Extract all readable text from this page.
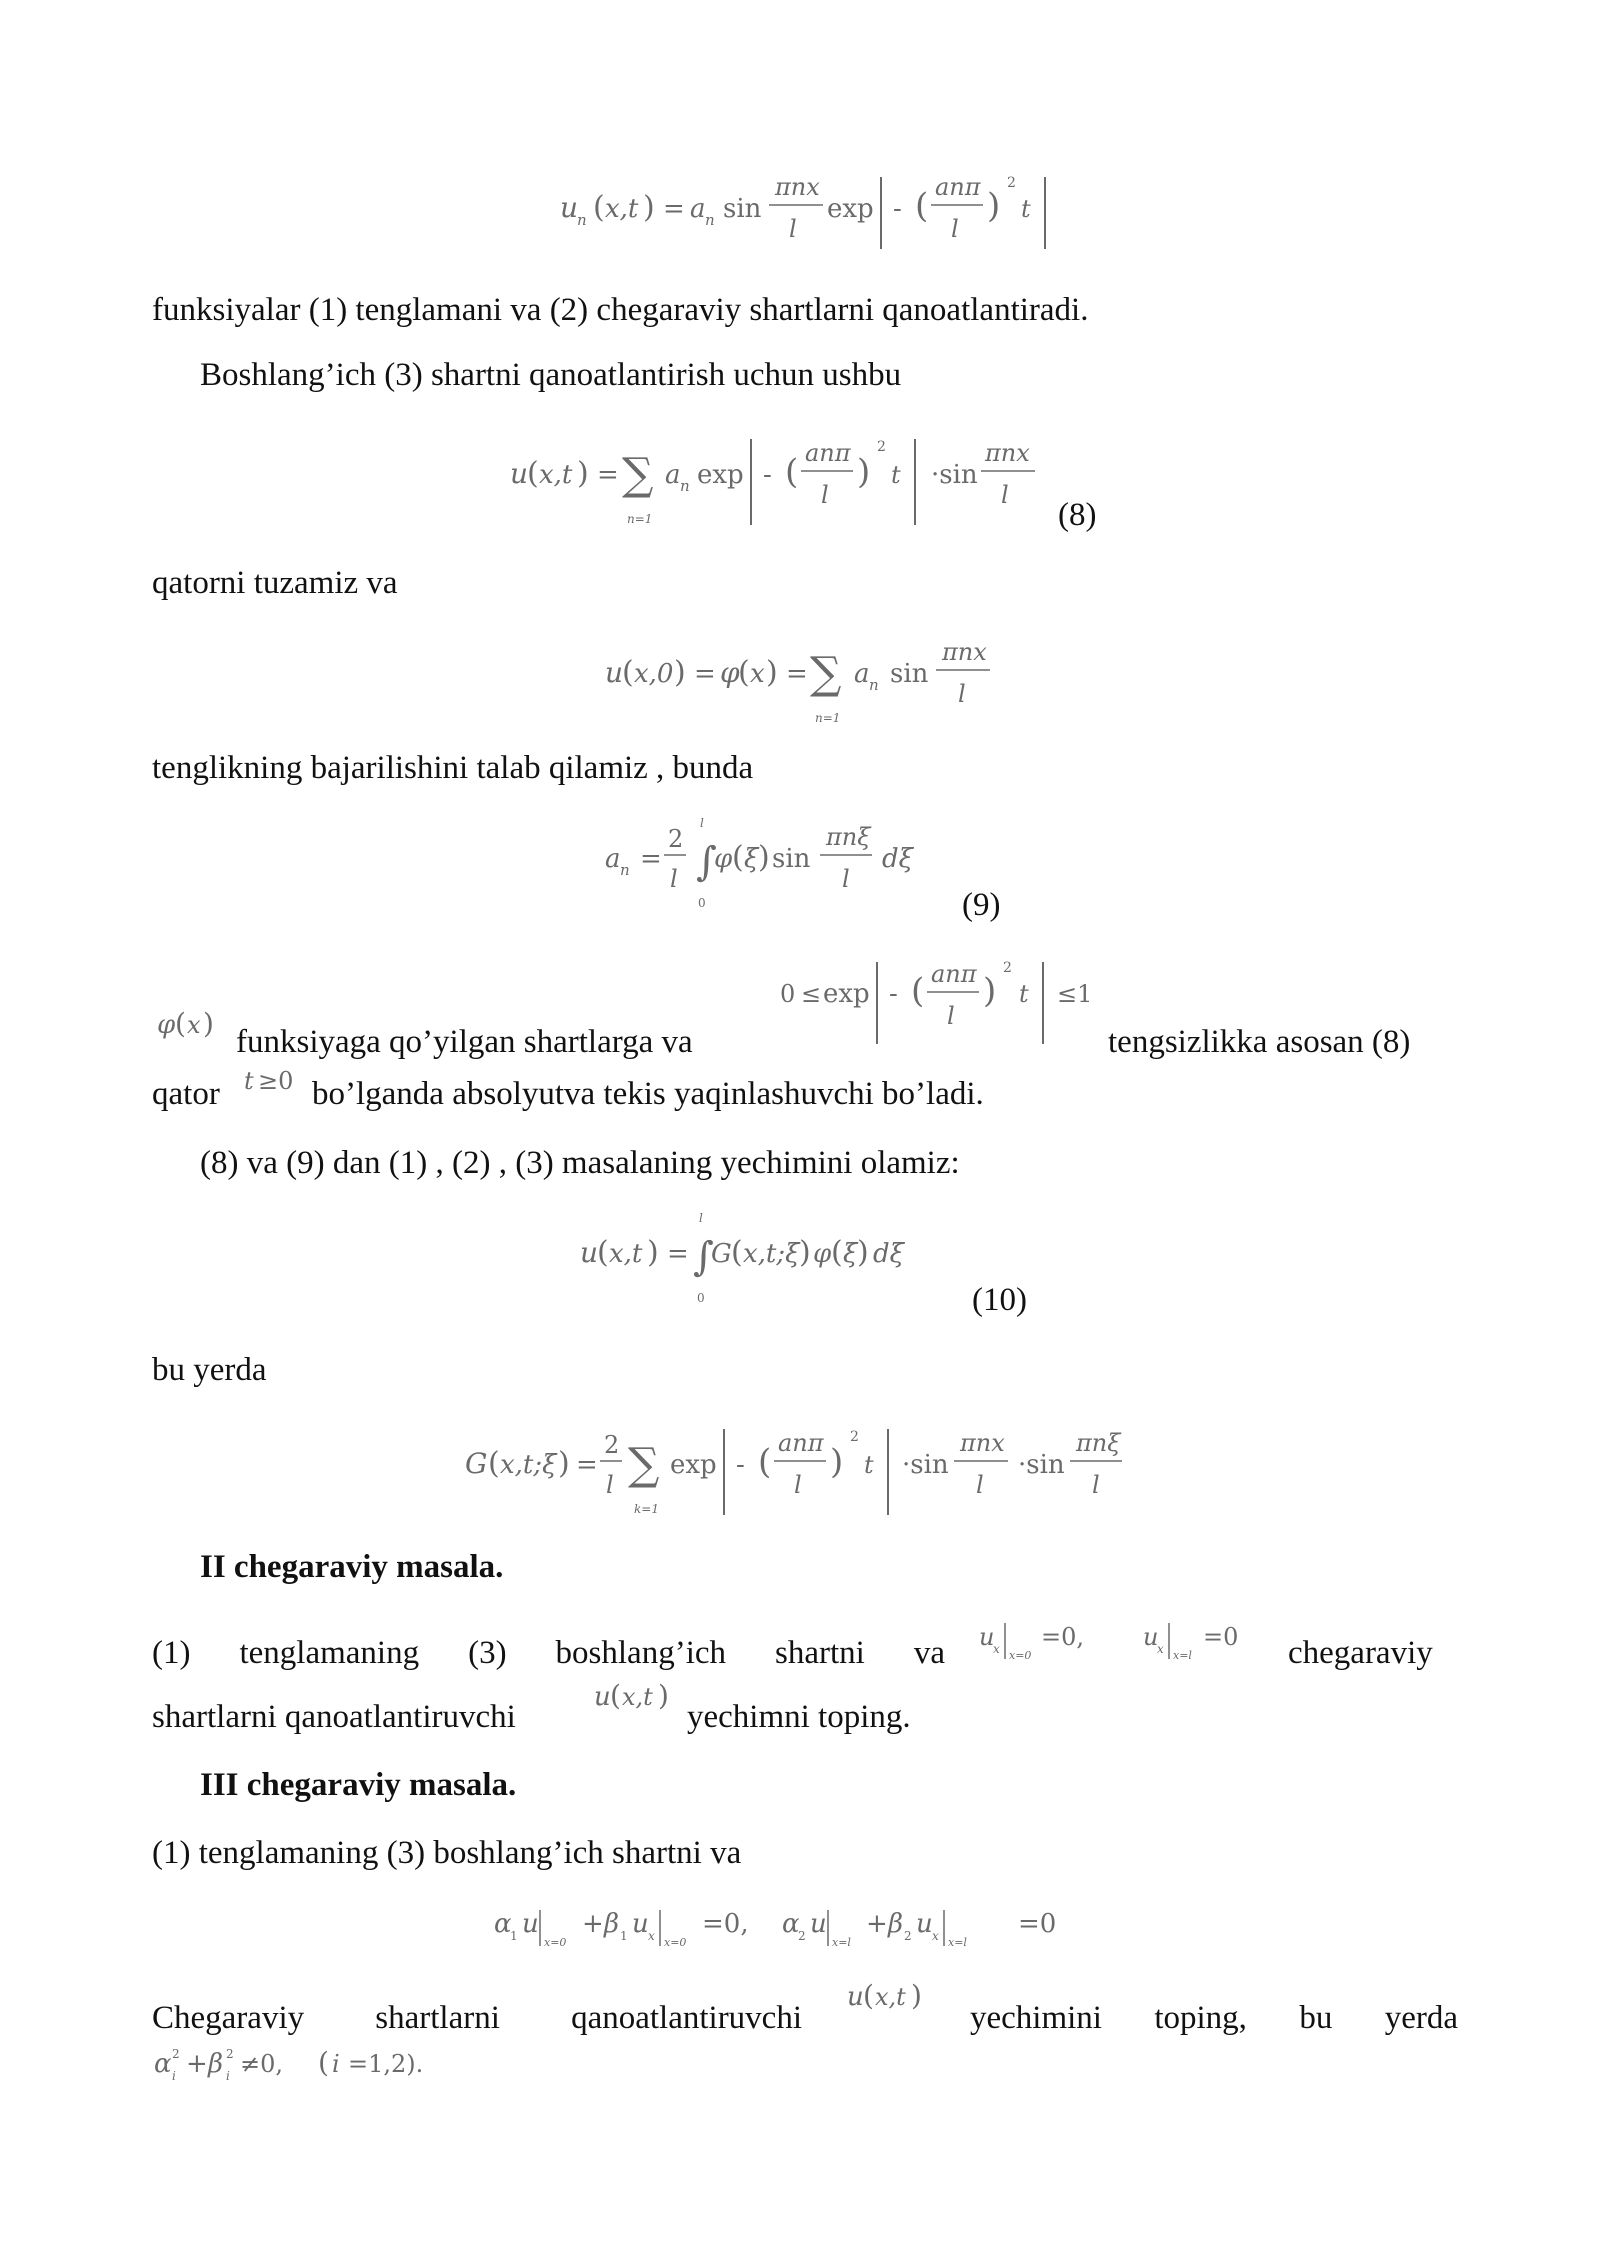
u
n ( x,t ) = a n sin
πnx
l
exp - ( anπ
l
)
2
t
funksiyalar (1) tenglamani va (2) chegaraviy shartlarni qanoatlantiradi.
Boshlang’ich (3) shartni qanoatlantirish uchun ushbu
u
( x,t ) = ∑
n=1
a n exp - ( anπ
l
)
2
t ·sin
πnx
l
(8)
qatorni tuzamiz va
u
( x,0 ) = φ
( x ) = ∑
n=1
a n sin
πnx
l
tenglikning bajarilishini talab qilamiz , bunda
a n =
2
l ∫
l
0
φ ( ξ ) sin
πnξ
l
dξ
(9)
φ ( x )
funksiyaga qo’yilgan shartlarga va
0 ≤ exp - ( anπ
l
)
2
t ≤1
tengsizlikka asosan (8)
qator t ≥0 bo’lganda absolyutva tekis yaqinlashuvchi bo’ladi.
(8) va (9) dan (1) , (2) , (3) masalaning yechimini olamiz:
u
( x,t ) = ∫
l
0
G ( x,t;ξ ) φ ( ξ ) dξ
(10)
bu yerda
G ( x,t;ξ ) =
2
l ∑
k=1
exp - ( anπ
l
)
2
t ·sin
πnx
l
·sin
πnξ
l
II chegaraviy masala.
(1) tenglamaning (3) boshlang’ich shartni va u
x x=0
=0, u
x x=l
=0 chegaraviy
shartlarni qanoatlantiruvchi
u ( x,t )
yechimni toping.
III chegaraviy masala.
(1) tenglamaning (3) boshlang’ich shartni va
α
1 u
x=0
+ β 1 u x x=0
=0, α
2 u
x=l
+ β 2 u x x=l
=0
Chegaraviy shartlarni qanoatlantiruvchi
u ( x,t )
yechimini toping, bu yerda
α 2
i + β 2
i ≠0, ( i =1,2).
